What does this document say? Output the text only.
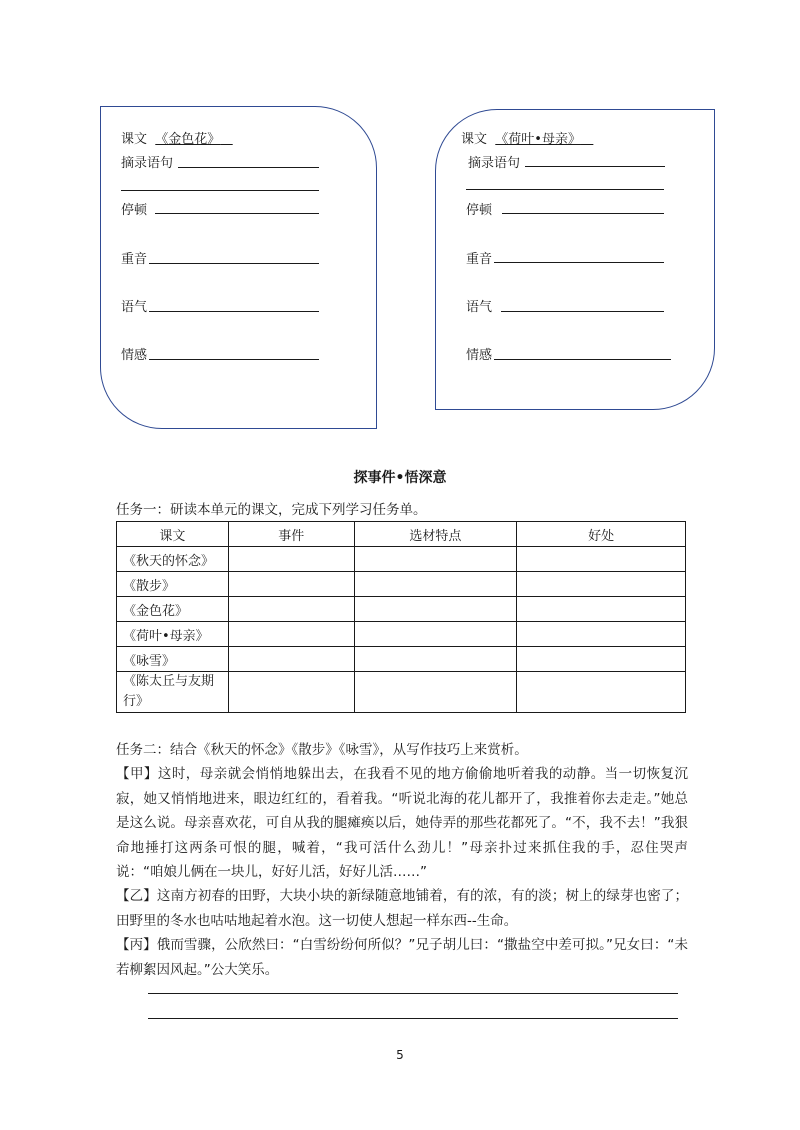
课文 《金色花》
摘录语句
停顿
重音
语气
情感
课文 《荷叶•母亲》
摘录语句
停顿
重音
语气
情感
探事件•悟深意
任务一：研读本单元的课文，完成下列学习任务单。
课文	事件	选材特点	好处
《秋天的怀念》			
《散步》			
《金色花》			
《荷叶•母亲》			
《咏雪》			
《陈太丘与友期行》			
任务二：结合《秋天的怀念》《散步》《咏雪》，从写作技巧上来赏析。
【甲】这时，母亲就会悄悄地躲出去，在我看不见的地方偷偷地听着我的动静。当一切恢复沉寂，她又悄悄地进来，眼边红红的，看着我。“听说北海的花儿都开了，我推着你去走走。”她总是这么说。母亲喜欢花，可自从我的腿瘫痪以后，她侍弄的那些花都死了。“不，我不去！”我狠命地捶打这两条可恨的腿，喊着，“我可活什么劲儿！”母亲扑过来抓住我的手，忍住哭声说：“咱娘儿俩在一块儿，好好儿活，好好儿活……”
【乙】这南方初春的田野，大块小块的新绿随意地铺着，有的浓，有的淡；树上的绿芽也密了；田野里的冬水也咕咕地起着水泡。这一切使人想起一样东西--生命。
【丙】俄而雪骤，公欣然曰：“白雪纷纷何所似？”兄子胡儿曰：“撒盐空中差可拟。”兄女曰：“未若柳絮因风起。”公大笑乐。
5
